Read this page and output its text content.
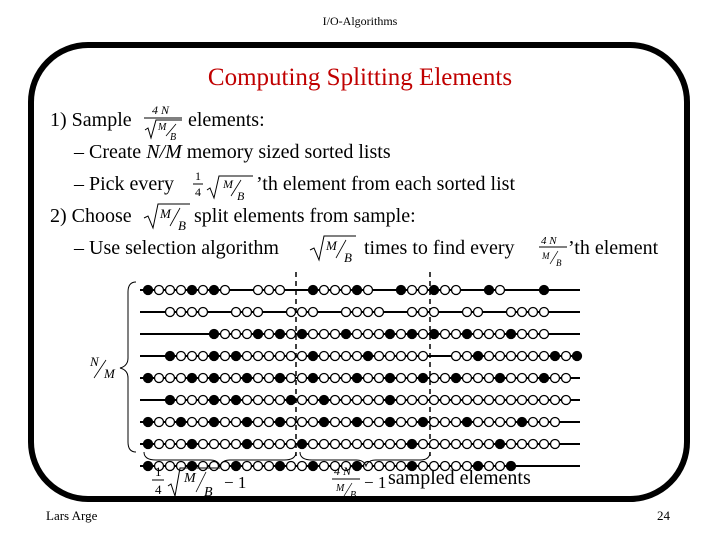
I/O-Algorithms
Computing Splitting Elements
1) Sample 4 N
M
B
elements:
– Create N/M memory sized sorted lists
– Pick every 1
4
M
B
’th element from each sorted list
2) Choose M
B split elements from sample:
– Use selection algorithm	M
B times to find every 4 N
M
B
’th element
N
M
1
4
M
B
− 1
4 N
M
B
− 1 sampled elements
Lars Arge	24
